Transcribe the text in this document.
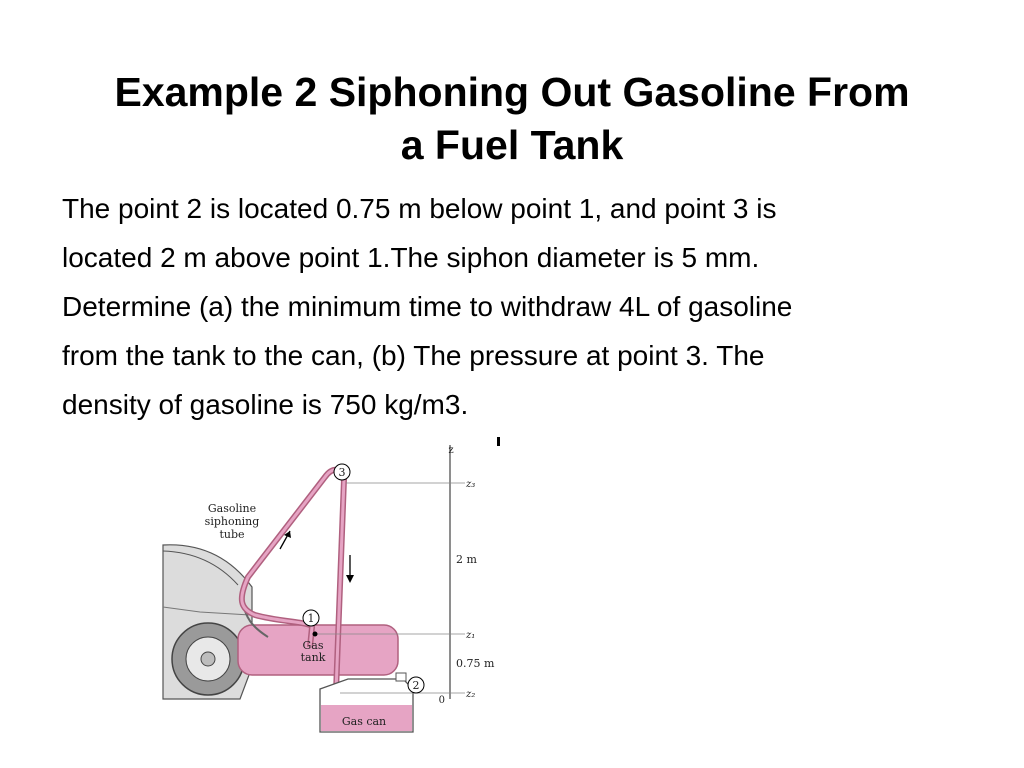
Example 2 Siphoning Out Gasoline From
a Fuel Tank
The point 2 is located 0.75 m below point 1, and point 3 is
located 2 m above point 1.The siphon diameter is 5 mm.
Determine (a) the minimum time to withdraw 4L of gasoline
from the tank to the can, (b) The pressure at point 3. The
density of gasoline is 750 kg/m3.
3
1
2
Gasoline
siphoning
tube
Gas
tank
Gas can
z
z₃
z₁
z₂
2 m
0.75 m
0
